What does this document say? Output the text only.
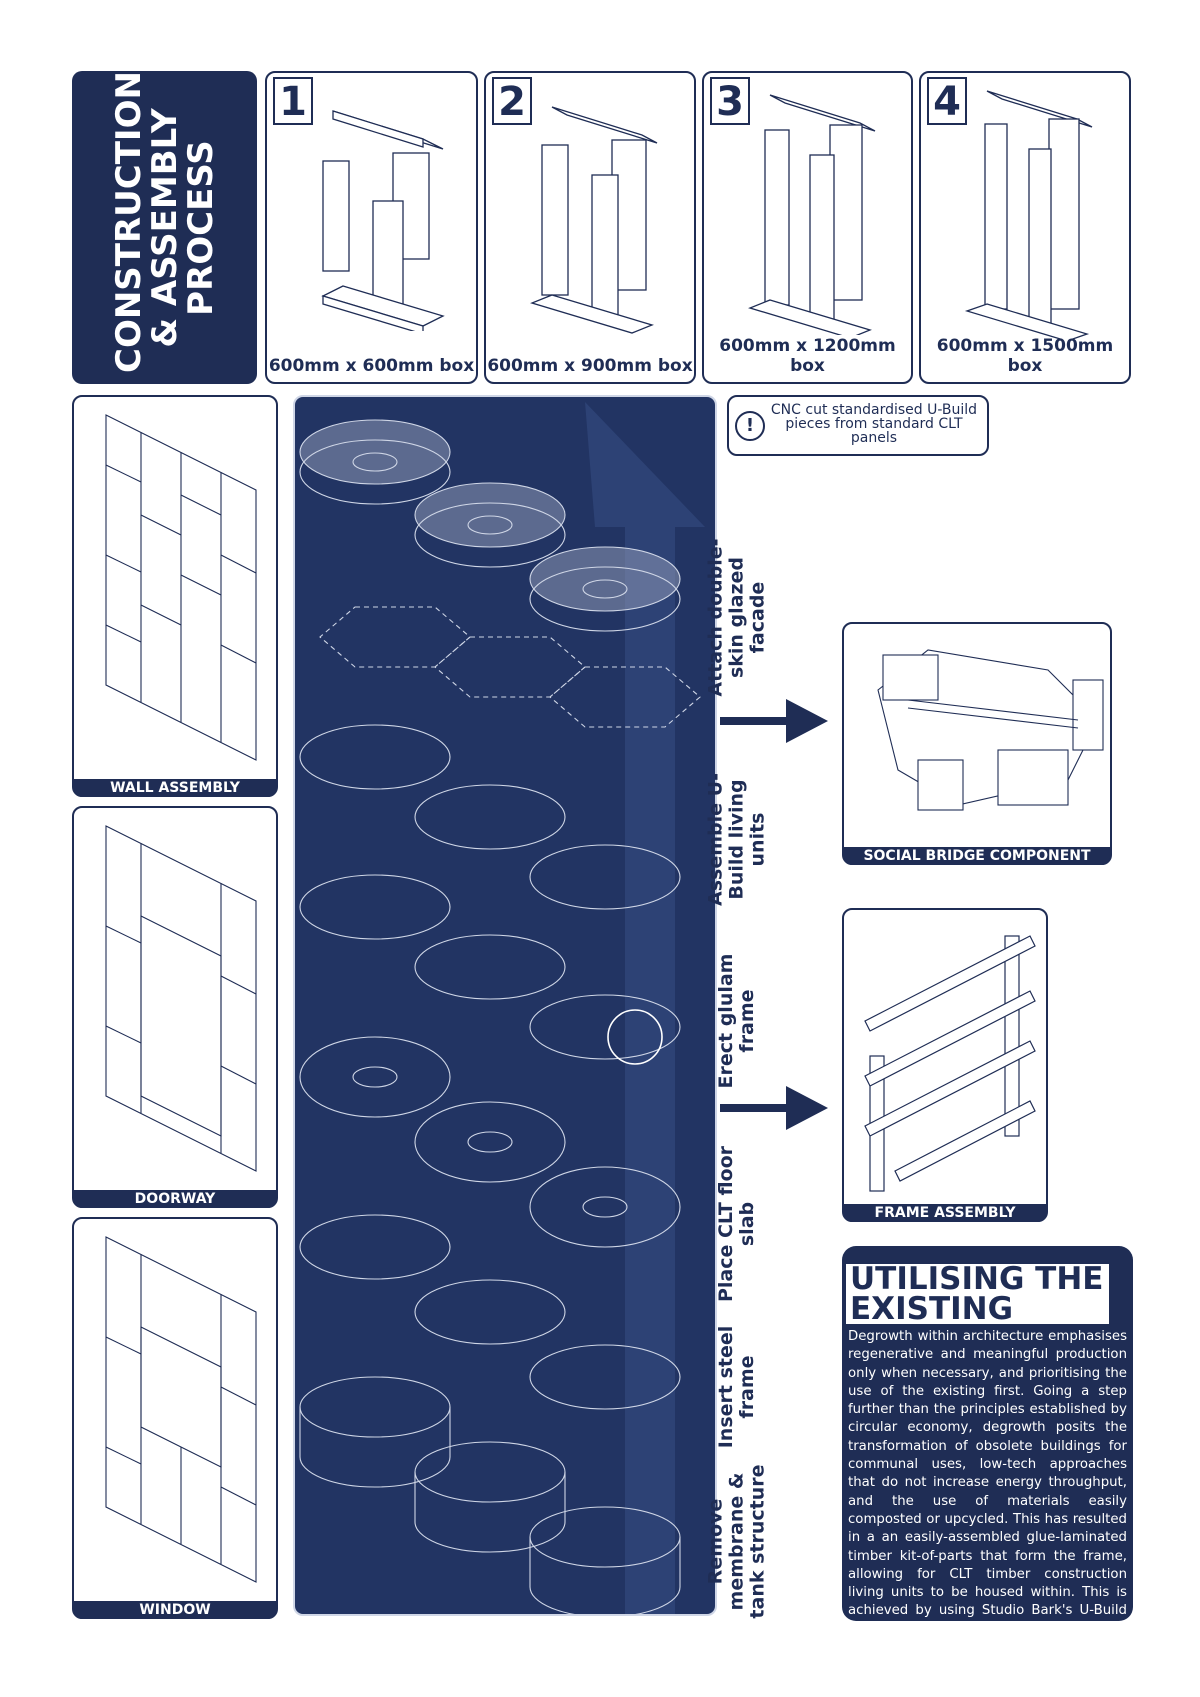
CONSTRUCTION & ASSEMBLY PROCESS
1
600mm x 600mm box
2
600mm x 900mm box
3
600mm x 1200mm box
4
600mm x 1500mm box
WALL ASSEMBLY
DOORWAY
WINDOW
!
CNC cut standardised U-Build pieces from standard CLT panels
Attach double-skin glazed facade
Assemble U-Build living units
Erect glulam frame
Place CLT floor slab
Insert steel frame
Remove membrane & tank structure
SOCIAL BRIDGE COMPONENT
FRAME ASSEMBLY
UTILISING THE
EXISTING
Degrowth within architecture emphasises regenerative and meaningful production only when necessary, and prioritising the use of the existing first. Going a step further than the principles established by circular economy, degrowth posits the transformation of obsolete buildings for communal uses, low-tech approaches that do not increase energy throughput, and the use of materials easily composted or upcycled. This has resulted in a an easily-assembled glue-laminated timber kit-of-parts that form the frame, allowing for CLT timber construction living units to be housed within. This is achieved by using Studio Bark's U-Build system, providing an easy self-build solution for this project.
